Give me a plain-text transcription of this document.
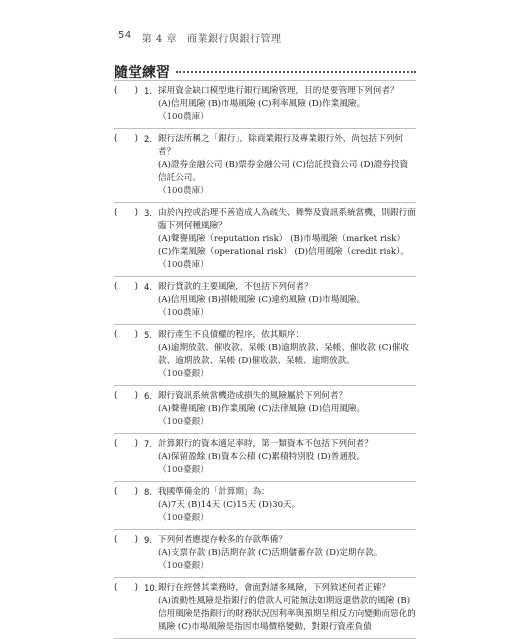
54 第 4 章 商業銀行與銀行管理
隨堂練習
( ) 1. 採用資金缺口模型進行銀行風險管理，目的是要管理下列何者？
(A)信用風險 (B)市場風險 (C)利率風險 (D)作業風險。
（100農庫）
( ) 2. 銀行法所稱之「銀行」，除商業銀行及專業銀行外，尚包括下列何者？
(A)證券金融公司 (B)票券金融公司 (C)信託投資公司 (D)證券投資信託公司。
（100農庫）
( ) 3. 由於內控或治理不善造成人為疏失、舞弊及資訊系統當機，則銀行面臨下列何種風險？
(A)聲譽風險（reputation risk） (B)市場風險（market risk） (C)作業風險（operational risk） (D)信用風險（credit risk）。
（100農庫）
( ) 4. 銀行貸款的主要風險，不包括下列何者？
(A)信用風險 (B)損帳風險 (C)違約風險 (D)市場風險。
（100農庫）
( ) 5. 銀行產生不良債權的程序，依其順序：
(A)逾期放款、催收款、呆帳 (B)逾期放款、呆帳、催收款 (C)催收款、逾期放款、呆帳 (D)催收款、呆帳、逾期放款。
（100臺銀）
( ) 6. 銀行資訊系統當機造成損失的風險屬於下列何者？
(A)聲譽風險 (B)作業風險 (C)法律風險 (D)信用風險。
（100臺銀）
( ) 7. 計算銀行的資本適足率時，第一類資本不包括下列何者？
(A)保留盈餘 (B)資本公積 (C)累積特別股 (D)普通股。
（100臺銀）
( ) 8. 我國準備金的「計算期」為：
(A)7天 (B)14天 (C)15天 (D)30天。
（100臺銀）
( ) 9. 下列何者應提存較多的存款準備？
(A)支票存款 (B)活期存款 (C)活期儲蓄存款 (D)定期存款。
（100臺銀）
( ) 10. 銀行在經營其業務時，會面對諸多風險，下列敘述何者正確？
(A)流動性風險是指銀行的借款人可能無法如期返還借款的風險 (B)信用風險是指銀行的財務狀況因利率與預期呈相反方向變動而惡化的風險 (C)市場風險是指因市場價格變動，對銀行資產負債
